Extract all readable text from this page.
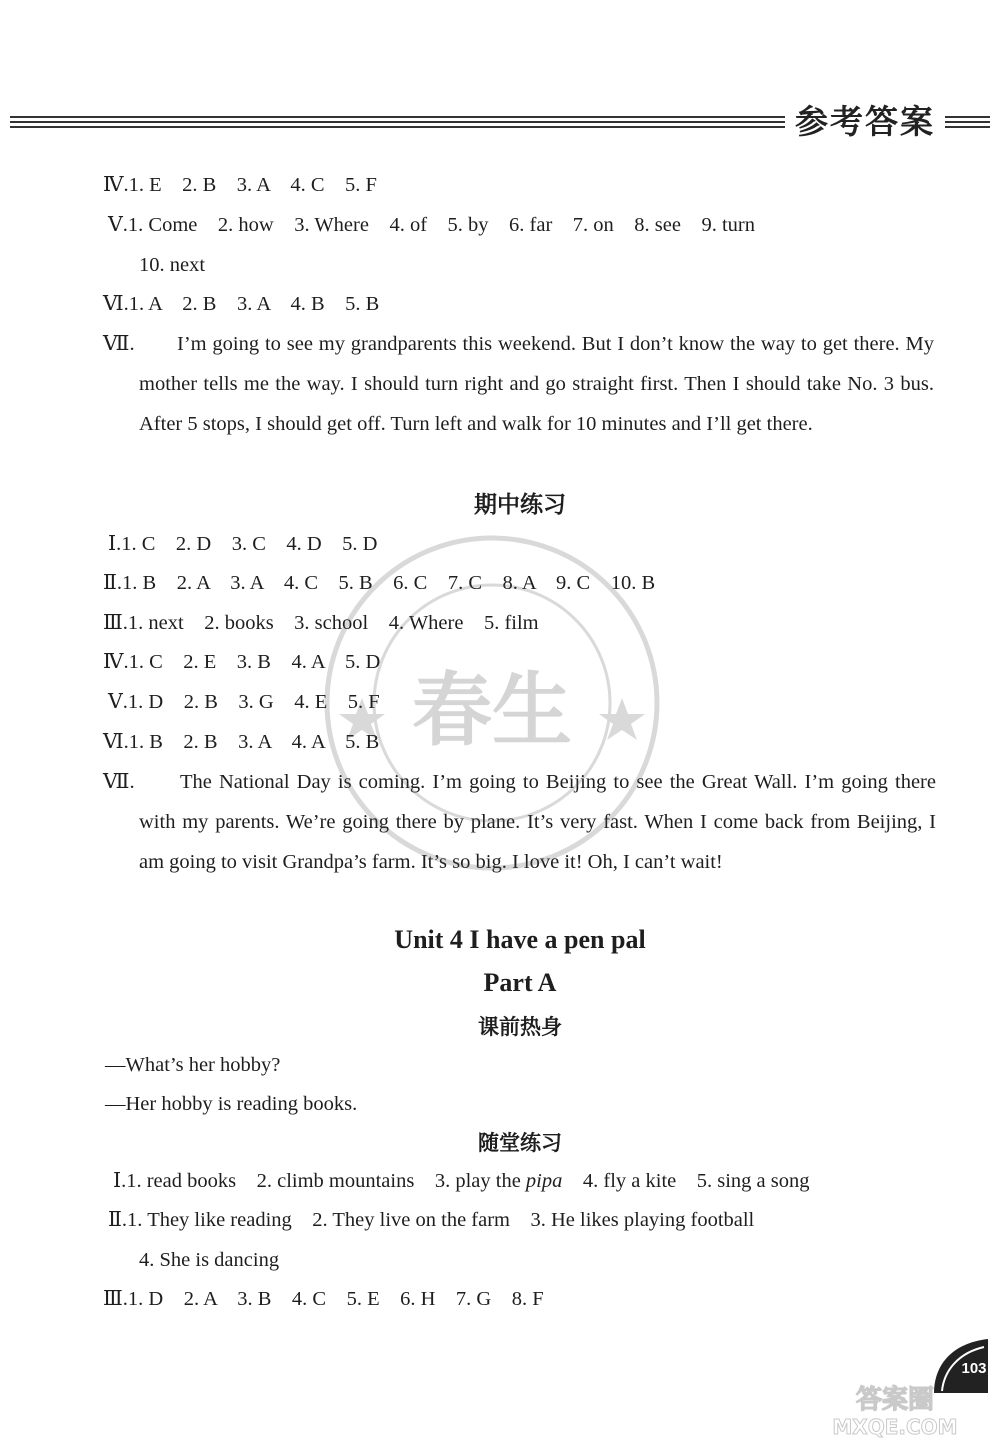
参考答案
Ⅳ.1. E    2. B    3. A    4. C    5. F
Ⅴ.1. Come    2. how    3. Where    4. of    5. by    6. far    7. on    8. see    9. turn
10. next
Ⅵ.1. A    2. B    3. A    4. B    5. B
Ⅶ.	I’m going to see my grandparents this weekend. But I don’t know the way to get there. My mother tells me the way. I should turn right and go straight first. Then I should take No. 3 bus. After 5 stops, I should get off. Turn left and walk for 10 minutes and I’ll get there.
期中练习
Ⅰ.1. C    2. D    3. C    4. D    5. D
Ⅱ.1. B    2. A    3. A    4. C    5. B    6. C    7. C    8. A    9. C    10. B
Ⅲ.1. next    2. books    3. school    4. Where    5. film
Ⅳ.1. C    2. E    3. B    4. A    5. D
Ⅴ.1. D    2. B    3. G    4. E    5. F
Ⅵ.1. B    2. B    3. A    4. A    5. B
Ⅶ.	The National Day is coming. I’m going to Beijing to see the Great Wall. I’m going there with my parents. We’re going there by plane. It’s very fast. When I come back from Beijing, I am going to visit Grandpa’s farm. It’s so big. I love it! Oh, I can’t wait!
Unit 4 I have a pen pal
Part A
课前热身
—What’s her hobby?
—Her hobby is reading books.
随堂练习
Ⅰ.1. read books    2. climb mountains    3. play the pipa    4. fly a kite    5. sing a song
Ⅱ.1. They like reading    2. They live on the farm    3. He likes playing football
4. She is dancing
Ⅲ.1. D    2. A    3. B    4. C    5. E    6. H    7. G    8. F
春生
103
答案圈
MXQE.COM
